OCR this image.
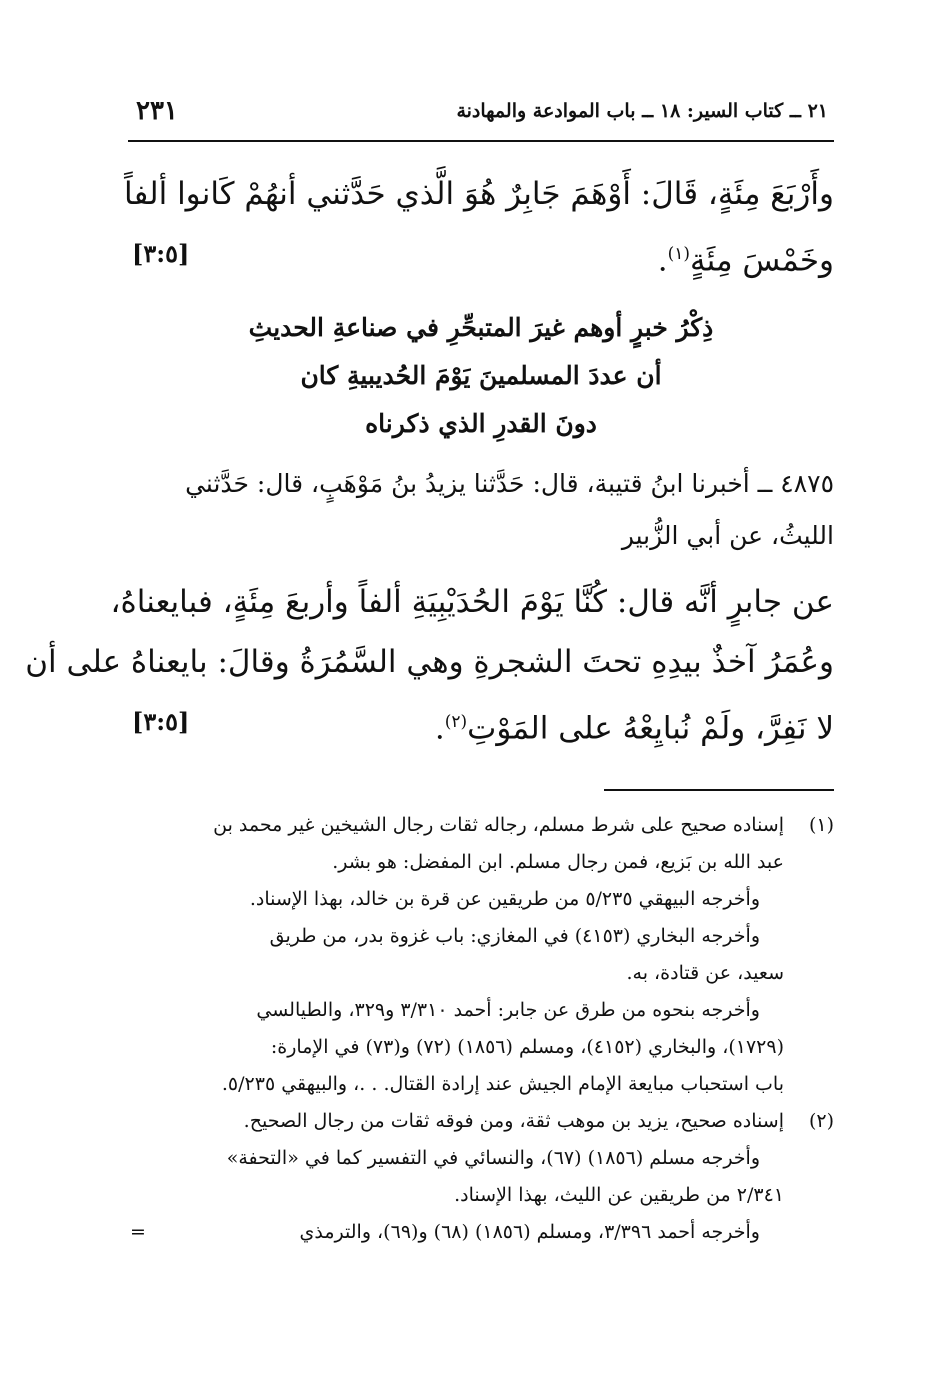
٢١ ــ كتاب السير: ١٨ ــ باب الموادعة والمهادنة
٢٣١
وأَرْبَعَ مِئَةٍ، قَالَ: أَوْهَمَ جَابِرٌ هُوَ الَّذي حَدَّثني أنهُمْ كَانوا ألفاً
وخَمْسَ مِئَةٍ$^{(١)}$.
[٣:٥]
ذِكْرُ خبرٍ أوهم غيرَ المتبحِّرِ في صناعةِ الحديثِ
أن عددَ المسلمينَ يَوْمَ الحُديبيةِ كان
دونَ القدرِ الذي ذكرناه
٤٨٧٥ ــ أخبرنا ابنُ قتيبة، قال: حَدَّثنا يزيدُ بنُ مَوْهَبٍ، قال: حَدَّثني
الليثُ، عن أبي الزُّبير
عن جابرٍ أنَّه قال: كُنَّا يَوْمَ الحُدَيْبِيَةِ ألفاً وأربعَ مِئَةٍ، فبايعناهُ،
وعُمَرُ آخذٌ بيدِهِ تحتَ الشجرةِ وهي السَّمُرَةُ وقالَ: بايعناهُ على أن
لا نَفِرَّ، ولَمْ نُبايِعْهُ على المَوْتِ$^{(٢)}$.
[٣:٥]
(١)
إسناده صحيح على شرط مسلم، رجاله ثقات رجال الشيخين غير محمد بن
عبد الله بن بَزيع، فمن رجال مسلم. ابن المفضل: هو بشر.
وأخرجه البيهقي ٥/٢٣٥ من طريقين عن قرة بن خالد، بهذا الإسناد.
وأخرجه البخاري (٤١٥٣) في المغازي: باب غزوة بدر، من طريق
سعيد، عن قتادة، به.
وأخرجه بنحوه من طرق عن جابر: أحمد ٣/٣١٠ و٣٢٩، والطيالسي
(١٧٢٩)، والبخاري (٤١٥٢)، ومسلم (١٨٥٦) (٧٢) و(٧٣) في الإمارة:
باب استحباب مبايعة الإمام الجيش عند إرادة القتال. . .، والبيهقي ٥/٢٣٥.
(٢)
إسناده صحيح، يزيد بن موهب ثقة، ومن فوقه ثقات من رجال الصحيح.
وأخرجه مسلم (١٨٥٦) (٦٧)، والنسائي في التفسير كما في «التحفة»
٢/٣٤١ من طريقين عن الليث، بهذا الإسناد.
وأخرجه أحمد ٣/٣٩٦، ومسلم (١٨٥٦) (٦٨) و(٦٩)، والترمذي
=
